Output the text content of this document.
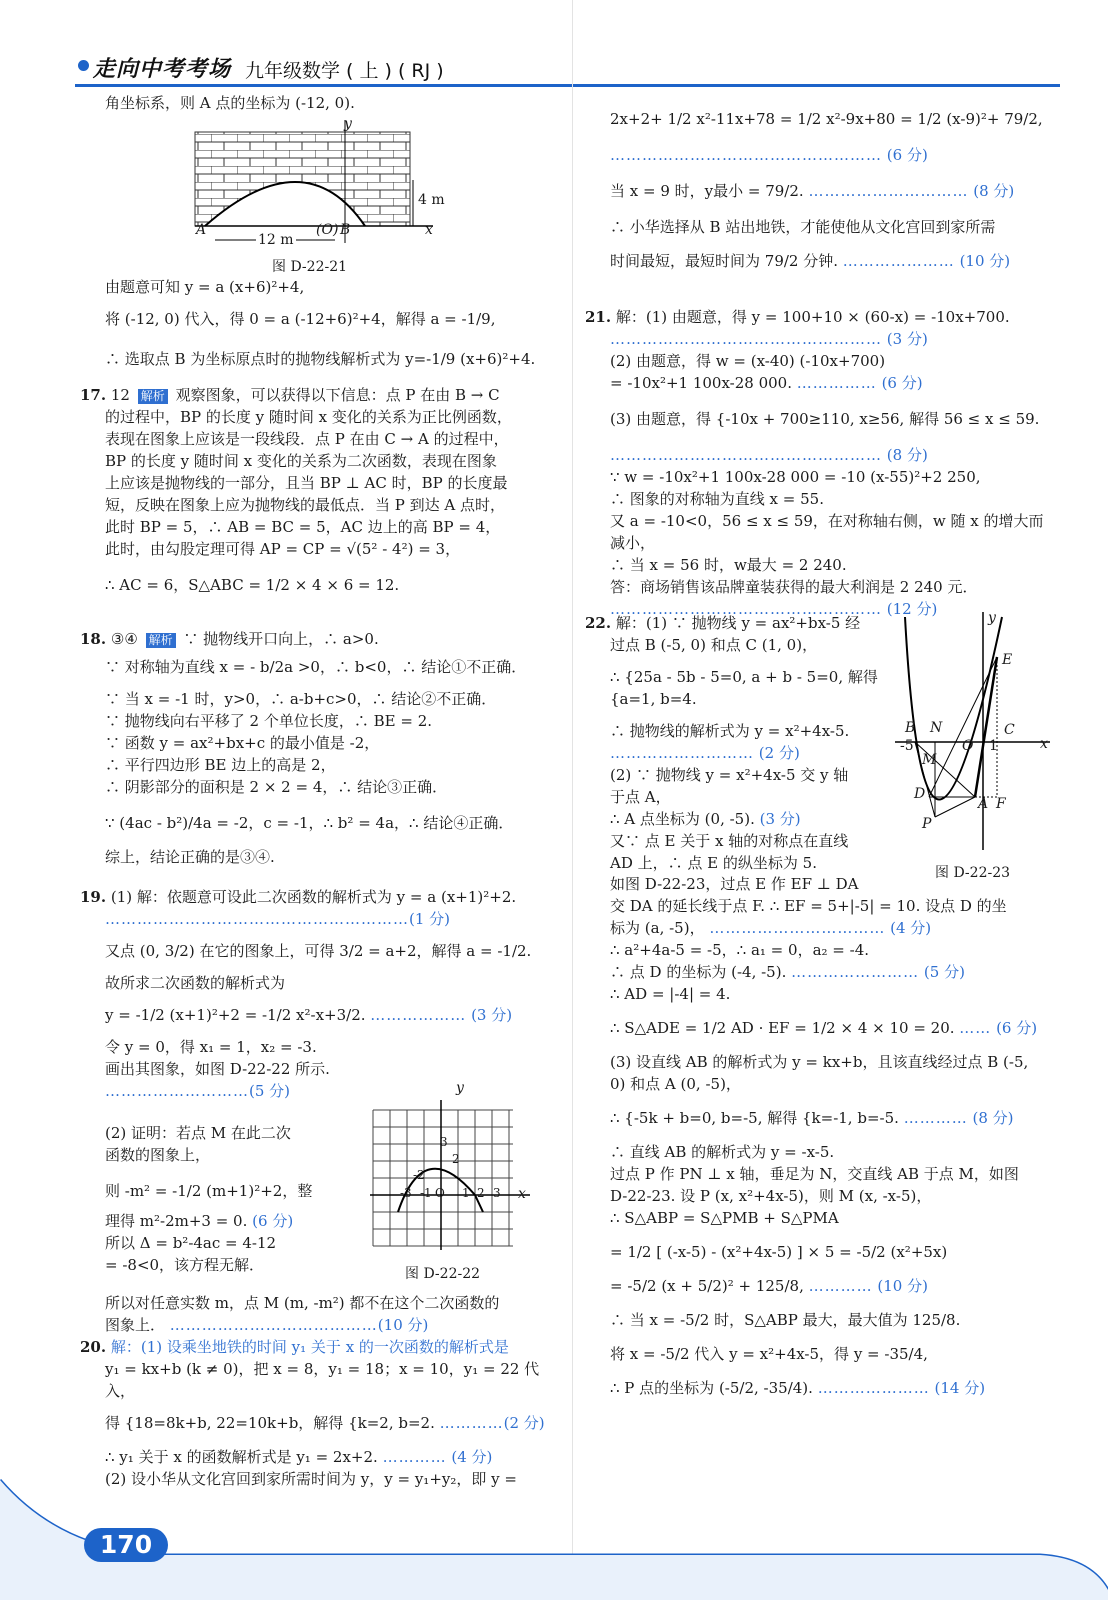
走向中考考场 九年级数学 ( 上 ) ( RJ )

角坐标系，则 A 点的坐标为 (-12, 0).

y
x
A	(O) B
12 m
4 m
图 D-22-21

由题意可知 y = a (x+6)²+4,

将 (-12, 0) 代入，得 0 = a (-12+6)²+4，解得 a = -1/9,

∴ 选取点 B 为坐标原点时的抛物线解析式为 y=-1/9 (x+6)²+4.

17. 12 解析 观察图象，可以获得以下信息：点 P 在由 B → C

的过程中，BP 的长度 y 随时间 x 变化的关系为正比例函数，

表现在图象上应该是一段线段．点 P 在由 C → A 的过程中，

BP 的长度 y 随时间 x 变化的关系为二次函数，表现在图象

上应该是抛物线的一部分，且当 BP ⊥ AC 时，BP 的长度最

短，反映在图象上应为抛物线的最低点．当 P 到达 A 点时，

此时 BP = 5，∴ AB = BC = 5，AC 边上的高 BP = 4，

此时，由勾股定理可得 AP = CP = √(5² - 4²) = 3，

∴ AC = 6，S△ABC = 1/2 × 4 × 6 = 12.

18. ③④ 解析 ∵ 抛物线开口向上，∴ a>0.

∵ 对称轴为直线 x = - b/2a >0，∴ b<0，∴ 结论①不正确．

∵ 当 x = -1 时，y>0，∴ a-b+c>0，∴ 结论②不正确．

∵ 抛物线向右平移了 2 个单位长度，∴ BE = 2.

∵ 函数 y = ax²+bx+c 的最小值是 -2，

∴ 平行四边形 BE 边上的高是 2，

∴ 阴影部分的面积是 2 × 2 = 4，∴ 结论③正确．

∵ (4ac - b²)/4a = -2，c = -1，∴ b² = 4a，∴ 结论④正确．

综上，结论正确的是③④.

19. (1) 解：依题意可设此二次函数的解析式为 y = a (x+1)²+2.

…………………………………………………(1 分)

又点 (0, 3/2) 在它的图象上，可得 3/2 = a+2，解得 a = -1/2.

故所求二次函数的解析式为

y = -1/2 (x+1)²+2 = -1/2 x²-x+3/2. ……………… (3 分)

令 y = 0，得 x₁ = 1，x₂ = -3.

画出其图象，如图 D-22-22 所示.

………………………(5 分)

(2) 证明：若点 M 在此二次

函数的图象上，

则 -m² = -1/2 (m+1)²+2，整

理得 m²-2m+3 = 0. (6 分)

所以 Δ = b²-4ac = 4-12

= -8<0，该方程无解．

所以对任意实数 m，点 M (m, -m²) 都不在这个二次函数的

图象上． …………………………………(10 分)

y
x
-3 -1 O 1 2 3
-2
2
3
图 D-22-22

20. 解：(1) 设乘坐地铁的时间 y₁ 关于 x 的一次函数的解析式是

y₁ = kx+b (k ≠ 0)，把 x = 8，y₁ = 18；x = 10，y₁ = 22 代入，

得 {18=8k+b, 22=10k+b，解得 {k=2, b=2. …………(2 分)

∴ y₁ 关于 x 的函数解析式是 y₁ = 2x+2. ………… (4 分)

(2) 设小华从文化宫回到家所需时间为 y，y = y₁+y₂，即 y =

2x+2+ 1/2 x²-11x+78 = 1/2 x²-9x+80 = 1/2 (x-9)²+ 79/2,

…………………………………………… (6 分)

当 x = 9 时，y最小 = 79/2. ………………………… (8 分)

∴ 小华选择从 B 站出地铁，才能使他从文化宫回到家所需

时间最短，最短时间为 79/2 分钟. ………………… (10 分)

21. 解：(1) 由题意，得 y = 100+10 × (60-x) = -10x+700.

…………………………………………… (3 分)

(2) 由题意，得 w = (x-40) (-10x+700)

= -10x²+1 100x-28 000. …………… (6 分)

(3) 由题意，得 {-10x + 700≥110, x≥56, 解得 56 ≤ x ≤ 59.

…………………………………………… (8 分)

∵ w = -10x²+1 100x-28 000 = -10 (x-55)²+2 250,

∴ 图象的对称轴为直线 x = 55.

又 a = -10<0，56 ≤ x ≤ 59，在对称轴右侧，w 随 x 的增大而减小，

∴ 当 x = 56 时，w最大 = 2 240.

答：商场销售该品牌童装获得的最大利润是 2 240 元．

…………………………………………… (12 分)

22. 解：(1) ∵ 抛物线 y = ax²+bx-5 经

过点 B (-5, 0) 和点 C (1, 0)，

∴ {25a - 5b - 5=0, a + b - 5=0, 解得 {a=1, b=4.

∴ 抛物线的解析式为 y = x²+4x-5.

……………………… (2 分)

(2) ∵ 抛物线 y = x²+4x-5 交 y 轴

于点 A，

∴ A 点坐标为 (0, -5). (3 分)

又∵ 点 E 关于 x 轴的对称点在直线

AD 上，∴ 点 E 的纵坐标为 5.

y
x
E
B N	C
-5	O 1
M
D
A F
P
图 D-22-23

如图 D-22-23，过点 E 作 EF ⊥ DA

交 DA 的延长线于点 F. ∴ EF = 5+|-5| = 10. 设点 D 的坐

标为 (a, -5)， …………………………… (4 分)

∴ a²+4a-5 = -5，∴ a₁ = 0，a₂ = -4.

∴ 点 D 的坐标为 (-4, -5). …………………… (5 分)

∴ AD = |-4| = 4.

∴ S△ADE = 1/2 AD · EF = 1/2 × 4 × 10 = 20. …… (6 分)

(3) 设直线 AB 的解析式为 y = kx+b，且该直线经过点 B (-5,

0) 和点 A (0, -5)，

∴ {-5k + b=0, b=-5, 解得 {k=-1, b=-5. ………… (8 分)

∴ 直线 AB 的解析式为 y = -x-5.

过点 P 作 PN ⊥ x 轴，垂足为 N，交直线 AB 于点 M，如图

D-22-23. 设 P (x, x²+4x-5)，则 M (x, -x-5)，

∴ S△ABP = S△PMB + S△PMA

= 1/2 [ (-x-5) - (x²+4x-5) ] × 5 = -5/2 (x²+5x)

= -5/2 (x + 5/2)² + 125/8, ………… (10 分)

∴ 当 x = -5/2 时，S△ABP 最大，最大值为 125/8.

将 x = -5/2 代入 y = x²+4x-5，得 y = -35/4,

∴ P 点的坐标为 (-5/2, -35/4). ………………… (14 分)

170
